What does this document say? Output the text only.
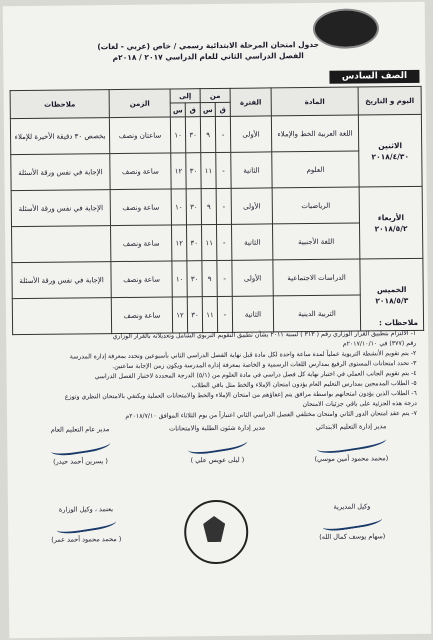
جدول امتحان المرحلة الابتدائية رسمي / خاص (عربي - لغات)
الفصل الدراسي الثاني للعام الدراسي ٢٠١٧ / ٢٠١٨م
الصف السادس
اليوم و التاريخ	المادة	الفترة	من		إلى		الزمن	ملاحظات
			ق	س	ق	س		

الاثنين
٢٠١٨/٤/٣٠	اللغة العربية الخط والإملاء	الأولى	-	٩	٣٠	١٠	ساعتان ونصف	يخصص ٣٠ دقيقة الأخيرة للإملاء
	العلوم	الثانية	-	١١	٣٠	١٢	ساعة ونصف	الإجابة في نفس ورقة الأسئلة

الأربعاء
٢٠١٨/٥/٢	الرياضيات	الأولى	-	٩	٣٠	١٠	ساعة ونصف	الإجابة في نفس ورقة الأسئلة
	اللغة الأجنبية	الثانية	-	١١	٣٠	١٢	ساعة ونصف	

الخميس
٢٠١٨/٥/٣	الدراسات الاجتماعية	الأولى	-	٩	٣٠	١٠	ساعة ونصف	الإجابة في نفس ورقة الأسئلة
	التربية الدينية	الثانية	-	١١	٣٠	١٢	ساعة ونصف	
ملاحظات :
١- الالتزام بتطبيق القرار الوزاري رقم ( ٣١٣ ) لسنة ٢٠١١ بشأن تطبيق التقويم التربوي الشامل وتعديلاته بالقرار الوزاري
رقم (٣٧٧) في ٢٠١٧/١٠/١٠م
٢- يتم تقويم الأنشطة التربوية عملياً لمدة ساعة واحدة لكل مادة قبل نهاية الفصل الدراسي الثاني بأسبوعين وتحدد بمعرفة إدارة المدرسة
٣- تحدد امتحانات المستوى الرفيع بمدارس اللغات الرسمية و الخاصة بمعرفة إدارة المدرسة ويكون زمن الإجابة ساعتين.
٤- يتم تقويم الجانب العملي في اختبار نهاية كل فصل دراسي في مادة العلوم من (٥/١) الدرجة المحددة لاختبار الفصل الدراسي
٥- الطلاب المدمجين بمدارس التعليم العام يؤدون امتحان الإملاء والخط مثل باقي الطلاب
٦- الطلاب الذين يؤدون امتحانهم بواسطة مرافق يتم إعفاؤهم من امتحان الإملاء والخط والامتحانات العملية ويكتفي بالامتحان النظري وتوزع
درجة هذه الجزئية على باقي جزئيات الامتحان
٧- يتم عقد امتحان الدور الثاني وامتحان مختلفي الفصل الدراسي الثاني اعتباراً من يوم الثلاثاء الموافق ٢٠١٨/٧/١٠م
مدير إدارة التعليم الابتدائي
(محمد محمود أمين موسي)
مدير إدارة شئون الطلبة والامتحانات
( ليلى عويس علي )
مدير عام التعليم العام
( يسرين أحمد حيدر)
وكيل المديرية
(سهام يوسف كمال الله)
يعتمد ، وكيل الوزارة
( محمد محمود أحمد عمر)
